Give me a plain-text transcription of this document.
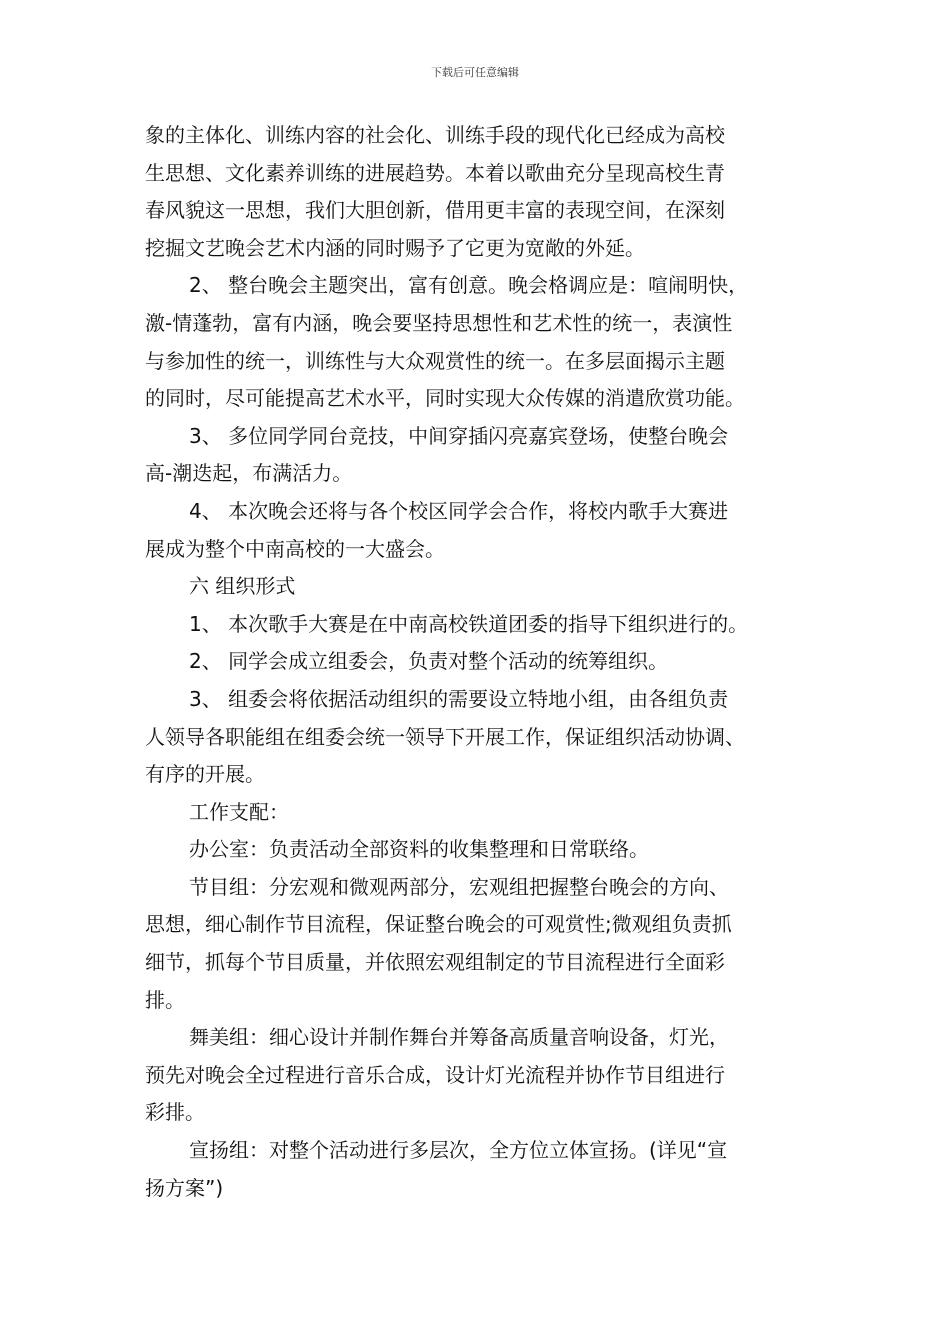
下载后可任意编辑
象的主体化、训练内容的社会化、训练手段的现代化已经成为高校
生思想、文化素养训练的进展趋势。本着以歌曲充分呈现高校生青
春风貌这一思想，我们大胆创新，借用更丰富的表现空间，在深刻
挖掘文艺晚会艺术内涵的同时赐予了它更为宽敞的外延。
2、 整台晚会主题突出，富有创意。晚会格调应是：喧闹明快，
激-情蓬勃，富有内涵，晚会要坚持思想性和艺术性的统一，表演性
与参加性的统一，训练性与大众观赏性的统一。在多层面揭示主题
的同时，尽可能提高艺术水平，同时实现大众传媒的消遣欣赏功能。
3、 多位同学同台竞技，中间穿插闪亮嘉宾登场，使整台晚会
高-潮迭起，布满活力。
4、 本次晚会还将与各个校区同学会合作，将校内歌手大赛进
展成为整个中南高校的一大盛会。
六 组织形式
1、 本次歌手大赛是在中南高校铁道团委的指导下组织进行的。
2、 同学会成立组委会，负责对整个活动的统筹组织。
3、 组委会将依据活动组织的需要设立特地小组，由各组负责
人领导各职能组在组委会统一领导下开展工作，保证组织活动协调、
有序的开展。
工作支配：
办公室：负责活动全部资料的收集整理和日常联络。
节目组：分宏观和微观两部分，宏观组把握整台晚会的方向、
思想，细心制作节目流程，保证整台晚会的可观赏性;微观组负责抓
细节，抓每个节目质量，并依照宏观组制定的节目流程进行全面彩
排。
舞美组：细心设计并制作舞台并筹备高质量音响设备，灯光，
预先对晚会全过程进行音乐合成，设计灯光流程并协作节目组进行
彩排。
宣扬组：对整个活动进行多层次，全方位立体宣扬。(详见“宣
扬方案”)
